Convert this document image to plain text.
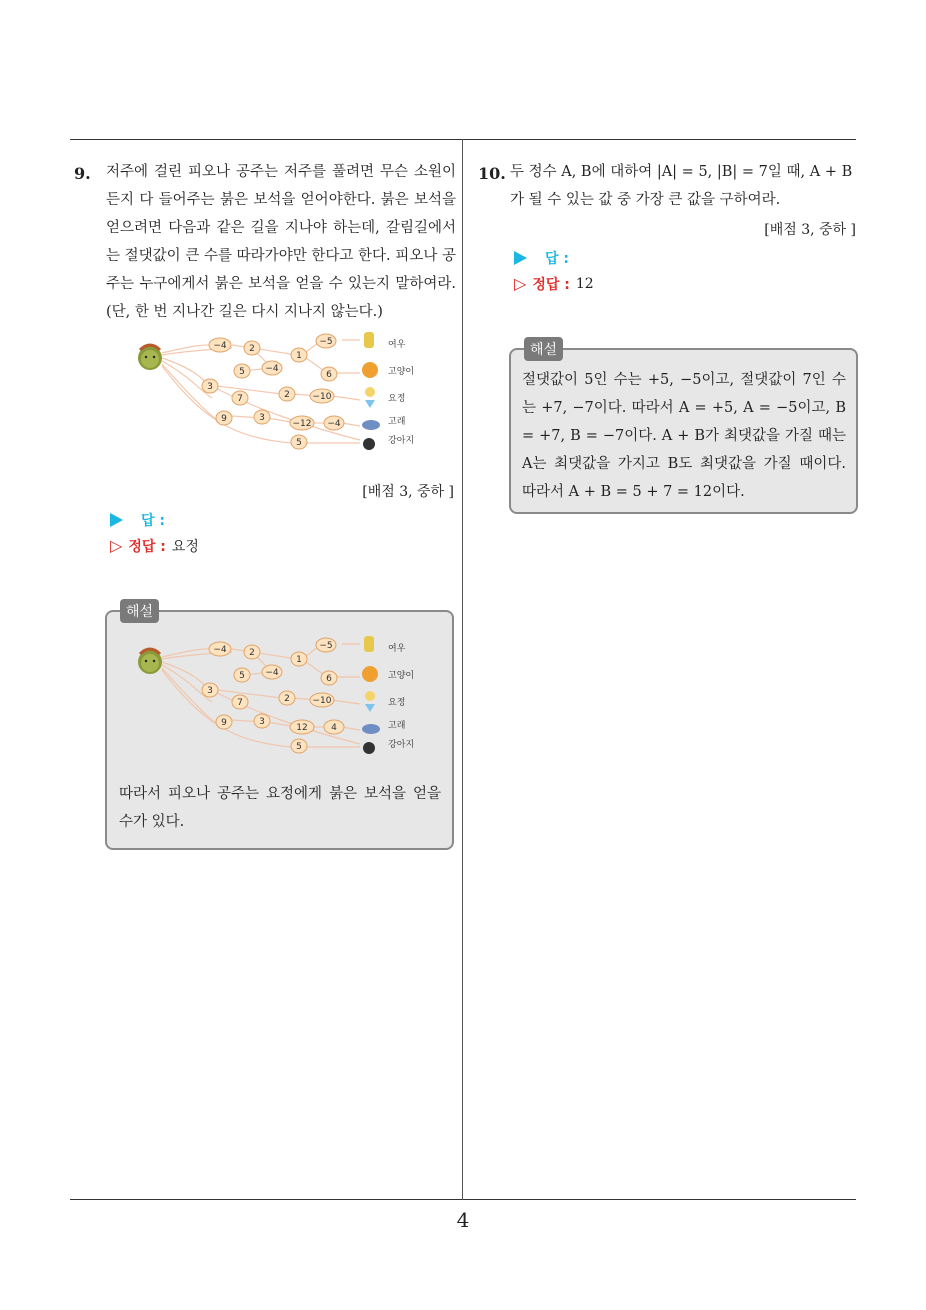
9. 저주에 걸린 피오나 공주는 저주를 풀려면 무슨 소원이든지 다 들어주는 붉은 보석을 얻어야한다. 붉은 보석을 얻으려면 다음과 같은 길을 지나야 하는데, 갈림길에서는 절댓값이 큰 수를 따라가야만 한다고 한다. 피오나 공주는 누구에게서 붉은 보석을 얻을 수 있는지 말하여라. (단, 한 번 지나간 길은 다시 지나지 않는다.)
−4 2
1
−5
5 −4
6
3
7	2	−10
9	3
−12 −4
5
여우
고양이
요정
고래
강아지
[배점 3, 중하 ]
답 :
▷ 정답 : 요정
해설
−4 2
1
−5
5 −4
6
3
7	2	−10
9	3
12	4
5
여우
고양이
요정
고래
강아지
따라서 피오나 공주는 요정에게 붉은 보석을 얻을 수가 있다.
10. 두 정수 A, B에 대하여 |A| = 5, |B| = 7일 때, A + B
가 될 수 있는 값 중 가장 큰 값을 구하여라.
[배점 3, 중하 ]
답 :
▷ 정답 : 12
해설
절댓값이 5인 수는 +5, −5이고, 절댓값이 7인 수는 +7, −7이다. 따라서 A = +5, A = −5이고, B = +7, B = −7이다. A + B가 최댓값을 가질 때는 A는 최댓값을 가지고 B도 최댓값을 가질 때이다. 따라서 A + B = 5 + 7 = 12이다.
4
